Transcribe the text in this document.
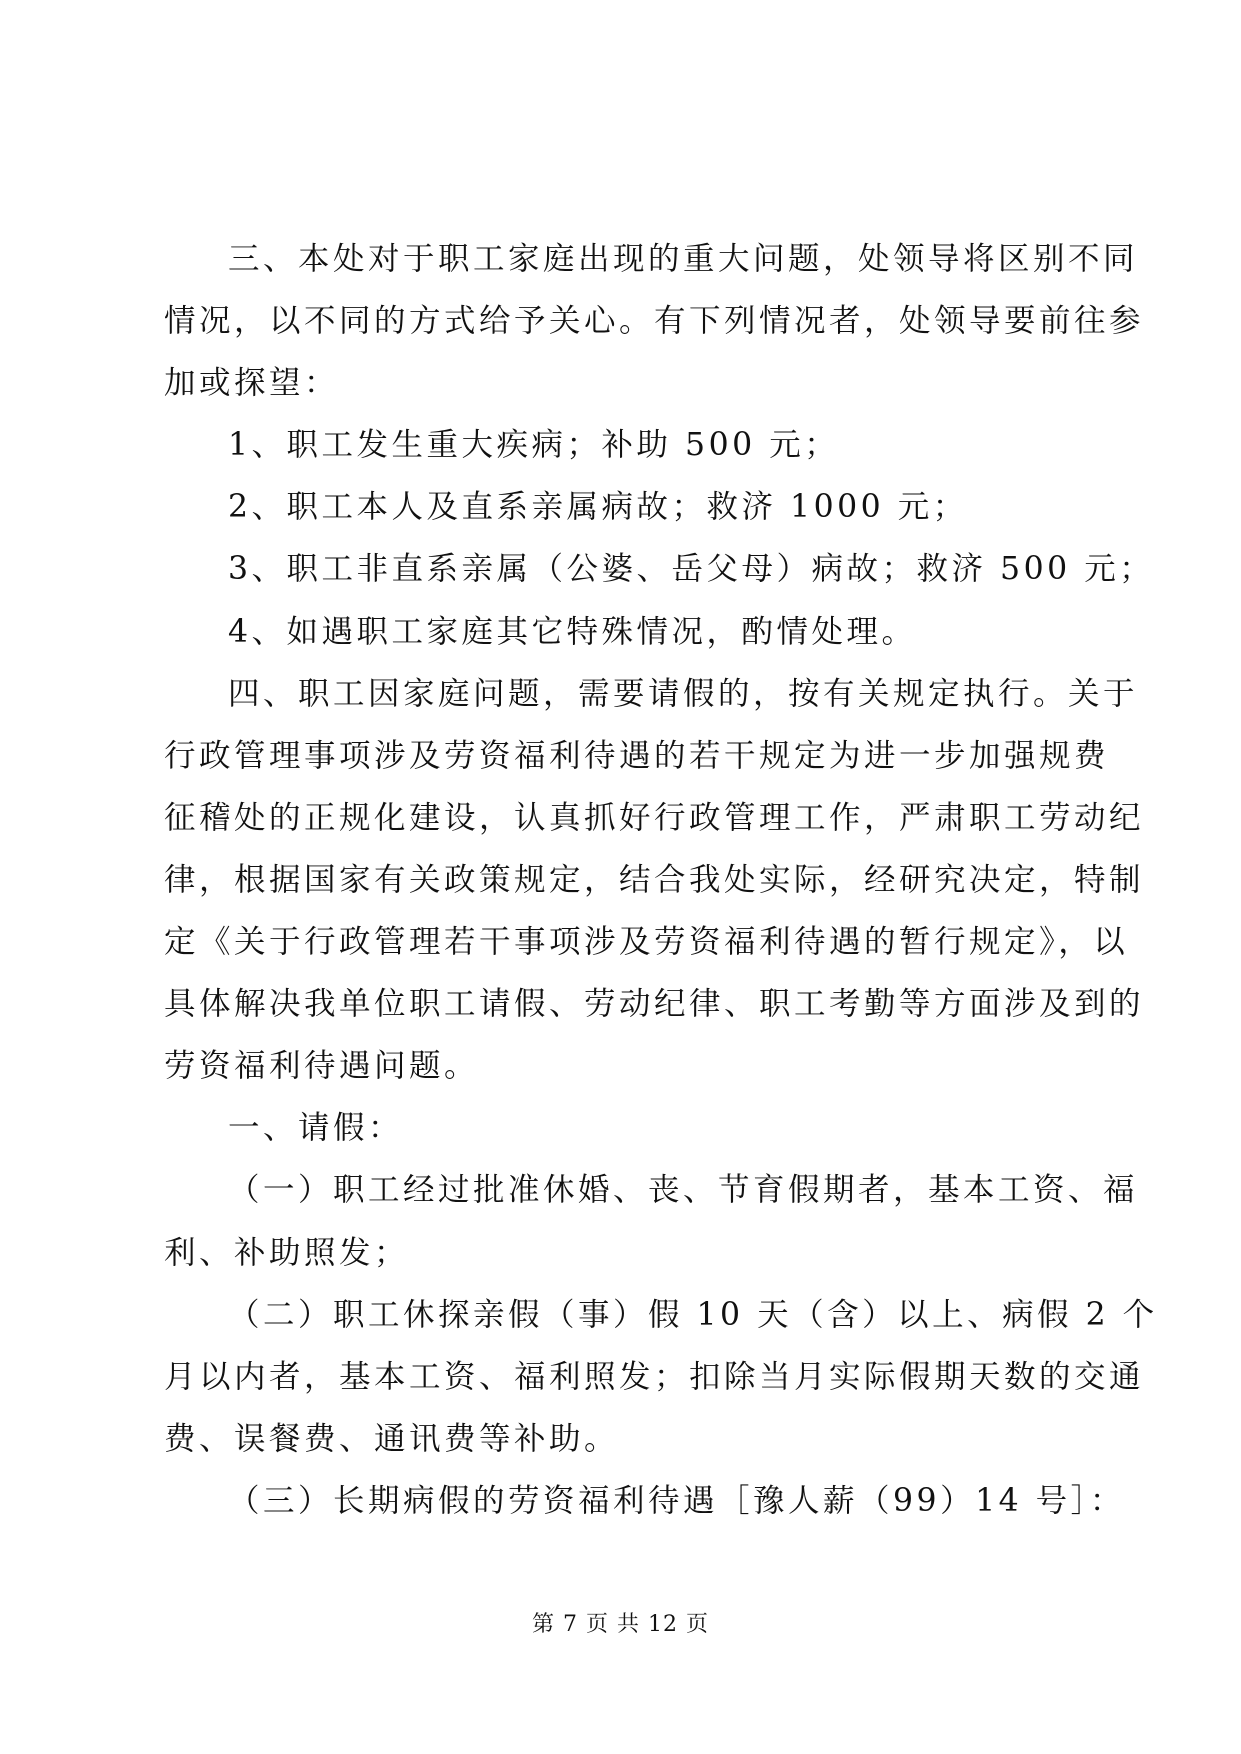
三、本处对于职工家庭出现的重大问题，处领导将区别不同
情况，以不同的方式给予关心。有下列情况者，处领导要前往参
加或探望：
1、职工发生重大疾病；补助 500 元；
2、职工本人及直系亲属病故；救济 1000 元；
3、职工非直系亲属（公婆、岳父母）病故；救济 500 元；
4、如遇职工家庭其它特殊情况，酌情处理。
四、职工因家庭问题，需要请假的，按有关规定执行。关于
行政管理事项涉及劳资福利待遇的若干规定为进一步加强规费
征稽处的正规化建设，认真抓好行政管理工作，严肃职工劳动纪
律，根据国家有关政策规定，结合我处实际，经研究决定，特制
定《关于行政管理若干事项涉及劳资福利待遇的暂行规定》，以
具体解决我单位职工请假、劳动纪律、职工考勤等方面涉及到的
劳资福利待遇问题。
一、请假：
（一）职工经过批准休婚、丧、节育假期者，基本工资、福
利、补助照发；
（二）职工休探亲假（事）假 10 天（含）以上、病假 2 个
月以内者，基本工资、福利照发；扣除当月实际假期天数的交通
费、误餐费、通讯费等补助。
（三）长期病假的劳资福利待遇［豫人薪（99）14 号］：
第 7 页 共 12 页
